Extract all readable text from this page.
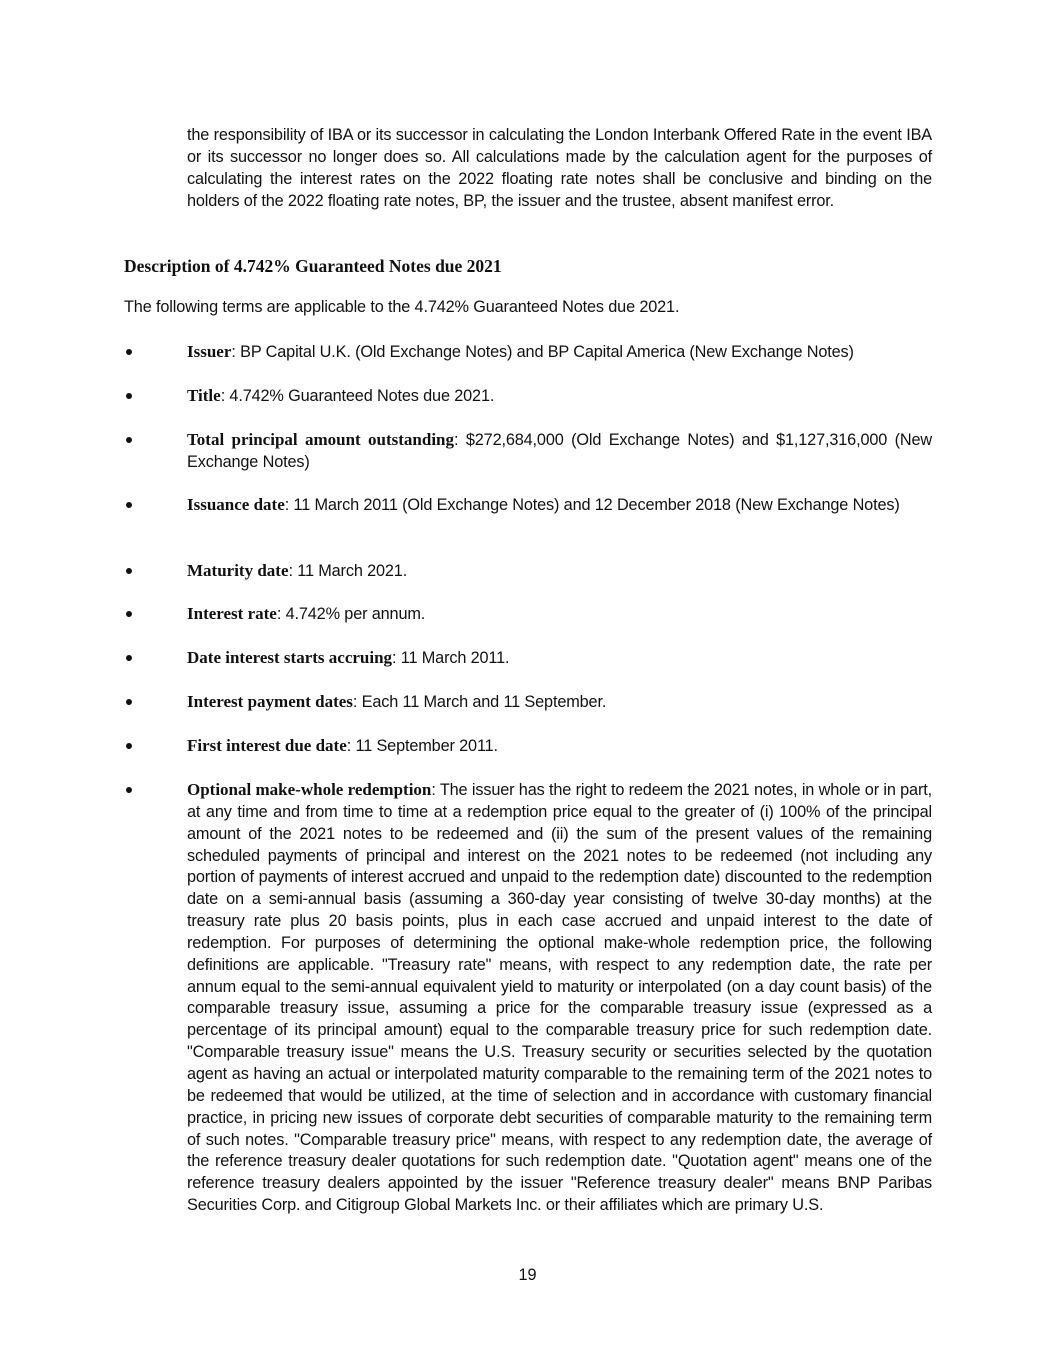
the responsibility of IBA or its successor in calculating the London Interbank Offered Rate in the event IBA or its successor no longer does so. All calculations made by the calculation agent for the purposes of calculating the interest rates on the 2022 floating rate notes shall be conclusive and binding on the holders of the 2022 floating rate notes, BP, the issuer and the trustee, absent manifest error.
Description of 4.742% Guaranteed Notes due 2021
The following terms are applicable to the 4.742% Guaranteed Notes due 2021.
Issuer: BP Capital U.K. (Old Exchange Notes) and BP Capital America (New Exchange Notes)
Title: 4.742% Guaranteed Notes due 2021.
Total principal amount outstanding: $272,684,000 (Old Exchange Notes) and $1,127,316,000 (New Exchange Notes)
Issuance date: 11 March 2011 (Old Exchange Notes) and 12 December 2018 (New Exchange Notes)
Maturity date: 11 March 2021.
Interest rate: 4.742% per annum.
Date interest starts accruing: 11 March 2011.
Interest payment dates: Each 11 March and 11 September.
First interest due date: 11 September 2011.
Optional make-whole redemption: The issuer has the right to redeem the 2021 notes, in whole or in part, at any time and from time to time at a redemption price equal to the greater of (i) 100% of the principal amount of the 2021 notes to be redeemed and (ii) the sum of the present values of the remaining scheduled payments of principal and interest on the 2021 notes to be redeemed (not including any portion of payments of interest accrued and unpaid to the redemption date) discounted to the redemption date on a semi-annual basis (assuming a 360-day year consisting of twelve 30-day months) at the treasury rate plus 20 basis points, plus in each case accrued and unpaid interest to the date of redemption. For purposes of determining the optional make-whole redemption price, the following definitions are applicable. "Treasury rate" means, with respect to any redemption date, the rate per annum equal to the semi-annual equivalent yield to maturity or interpolated (on a day count basis) of the comparable treasury issue, assuming a price for the comparable treasury issue (expressed as a percentage of its principal amount) equal to the comparable treasury price for such redemption date. "Comparable treasury issue" means the U.S. Treasury security or securities selected by the quotation agent as having an actual or interpolated maturity comparable to the remaining term of the 2021 notes to be redeemed that would be utilized, at the time of selection and in accordance with customary financial practice, in pricing new issues of corporate debt securities of comparable maturity to the remaining term of such notes. "Comparable treasury price" means, with respect to any redemption date, the average of the reference treasury dealer quotations for such redemption date. "Quotation agent" means one of the reference treasury dealers appointed by the issuer "Reference treasury dealer" means BNP Paribas Securities Corp. and Citigroup Global Markets Inc. or their affiliates which are primary U.S.
19
